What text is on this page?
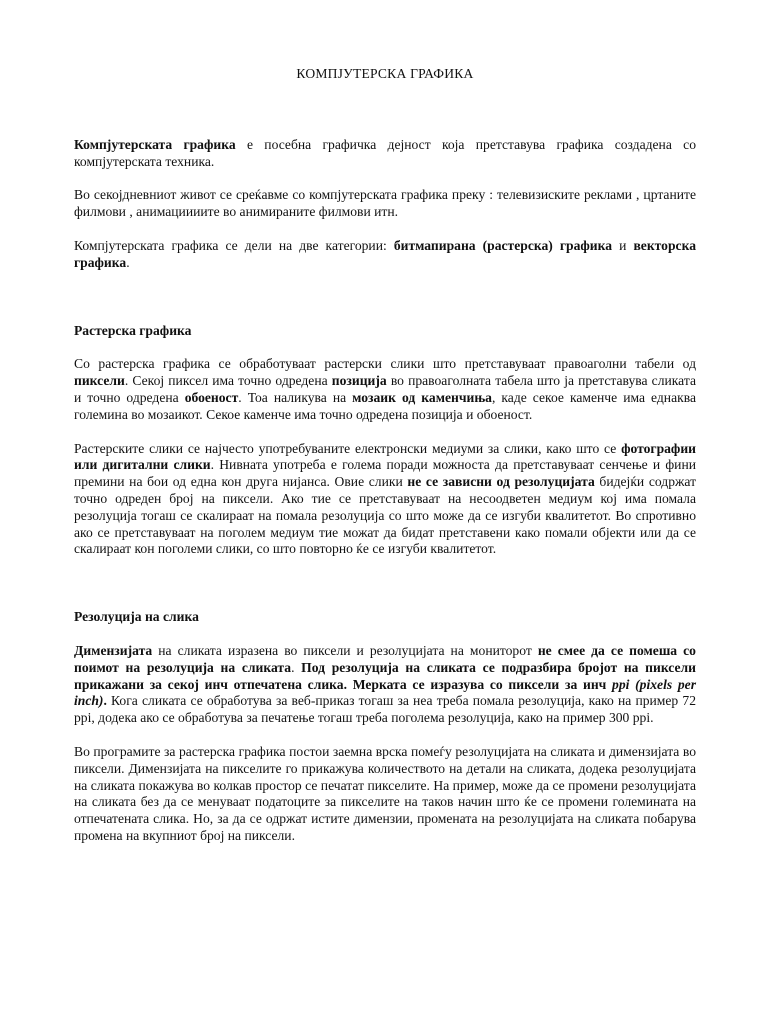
КОМПЈУТЕРСКА ГРАФИКА

Компјутерската графика е посебна графичка дејност која претставува графика создадена со компјутерската техника.

Во секојдневниот живот се среќавме со компјутерската графика преку : телевизиските реклами , цртаните филмови , анимациииите во анимираните филмови итн.

Компјутерската графика се дели на две категории: битмапирана (растерска) графика и векторска графика.

Растерска графика

Со растерска графика се обработуваат растерски слики што претставуваат правоаголни табели од пиксели. Секој пиксел има точно одредена позиција во правоаголната табела што ја претставува сликата и точно одредена обоеност. Тоа наликува на мозаик од каменчиња, каде секое каменче има еднаква големина во мозаикот. Секое каменче има точно одредена позиција и обоеност.

Растерските слики се најчесто употребуваните електронски медиуми за слики, како што се фотографии или дигитални слики. Нивната употреба е голема поради можноста да претставуваат сенчење и фини премини на бои од една кон друга нијанса. Овие слики не се зависни од резолуцијата бидејќи содржат точно одреден број на пиксели. Ако тие се претставуваат на несоодветен медиум кој има помала резолуција тогаш се скалираат на помала резолуција со што може да се изгуби квалитетот. Во спротивно ако се претставуваат на поголем медиум тие можат да бидат претставени како помали објекти или да се скалираат кон поголеми слики, со што повторно ќе се изгуби квалитетот.

Резолуција на слика

Димензијата на сликата изразена во пиксели и резолуцијата на мониторот не смее да се помеша со поимот на резолуција на сликата. Под резолуција на сликата се подразбира бројот на пиксели прикажани за секој инч отпечатена слика. Мерката се изразува со пиксели за инч ppi (pixels per inch). Кога сликата се обработува за веб-приказ тогаш за неа треба помала резолуција, како на пример 72 ppi, додека ако се обработува за печатење тогаш треба поголема резолуција, како на пример 300 ppi.

Во програмите за растерска графика постои заемна врска помеѓу резолуцијата на сликата и димензијата во пиксели. Димензијата на пикселите го прикажува количеството на детали на сликата, додека резолуцијата на сликата покажува во колкав простор се печатат пикселите. На пример, може да се промени резолуцијата на сликата без да се менуваат податоците за пикселите на таков начин што ќе се промени големината на отпечатената слика. Но, за да се одржат истите димензии, промената на резолуцијата на сликата побарува промена на вкупниот број на пиксели.
